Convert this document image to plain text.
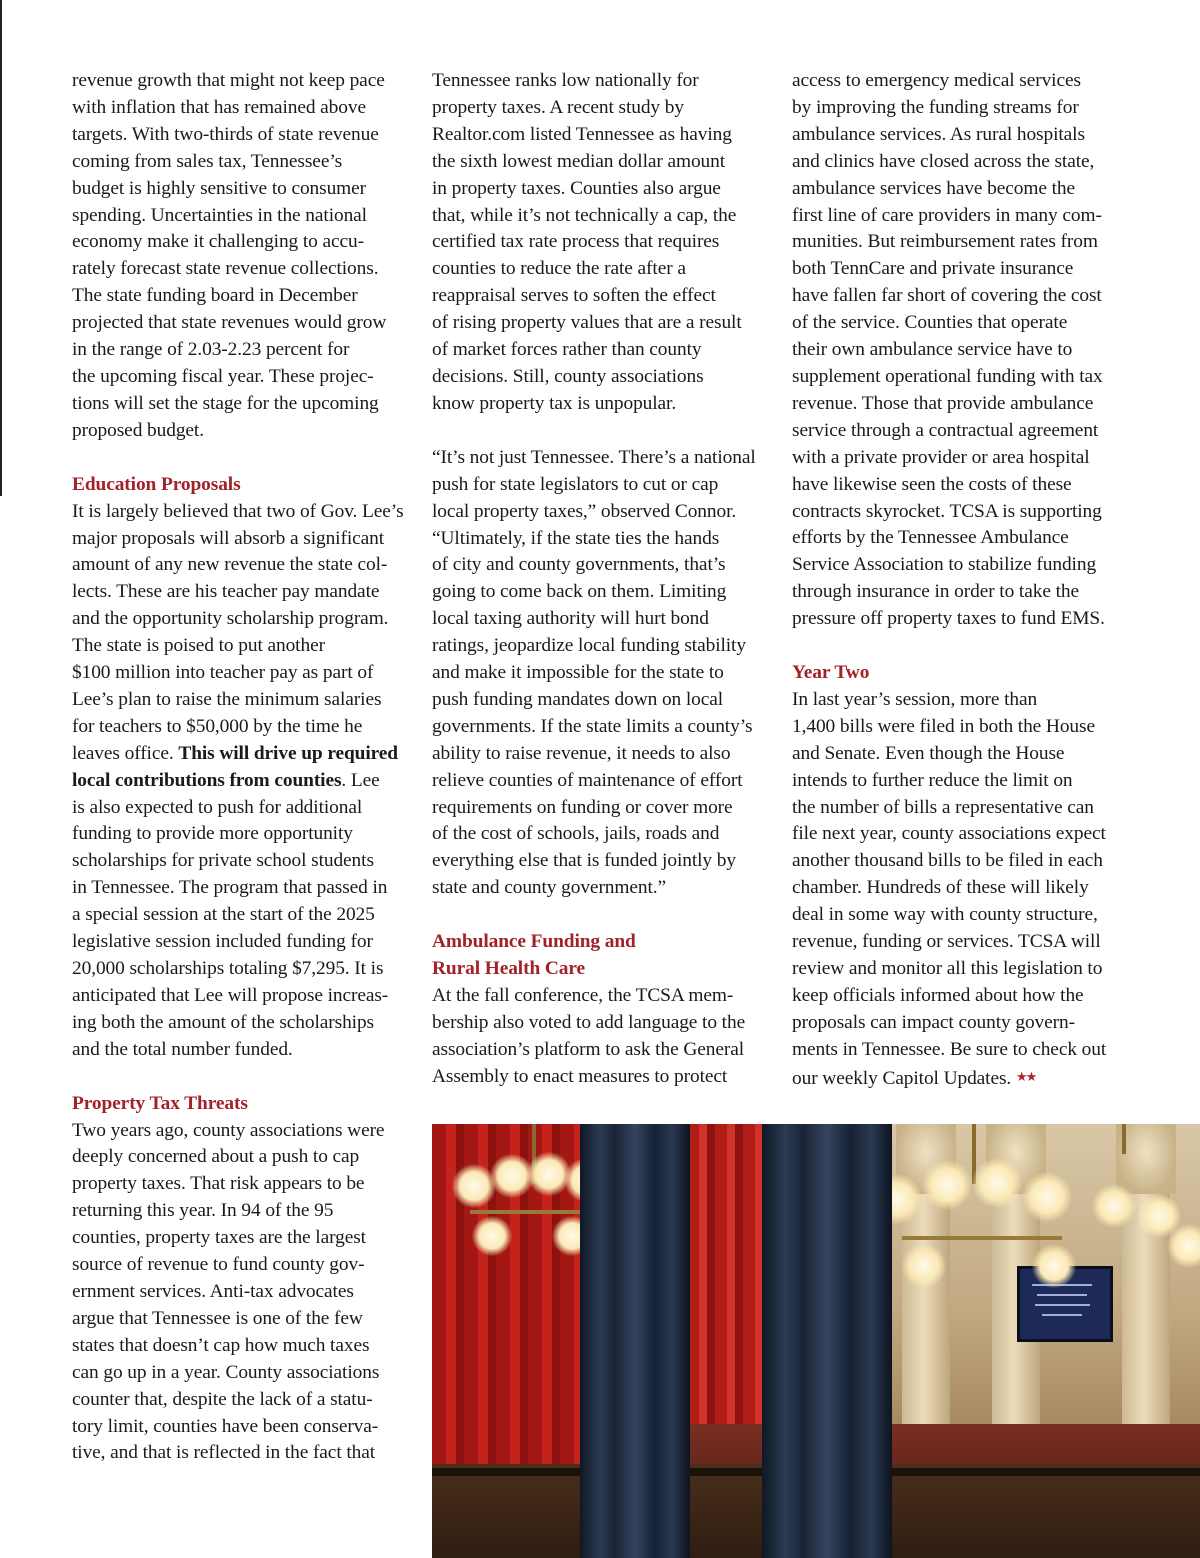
revenue growth that might not keep pace
with inflation that has remained above
targets. With two-thirds of state revenue
coming from sales tax, Tennessee’s
budget is highly sensitive to consumer
spending. Uncertainties in the national
economy make it challenging to accu-
rately forecast state revenue collections.
The state funding board in December
projected that state revenues would grow
in the range of 2.03-2.23 percent for
the upcoming fiscal year. These projec-
tions will set the stage for the upcoming
proposed budget.

Education Proposals

It is largely believed that two of Gov. Lee’s
major proposals will absorb a significant
amount of any new revenue the state col-
lects. These are his teacher pay mandate
and the opportunity scholarship program.
The state is poised to put another
$100 million into teacher pay as part of
Lee’s plan to raise the minimum salaries
for teachers to $50,000 by the time he
leaves office. This will drive up required
local contributions from counties. Lee
is also expected to push for additional
funding to provide more opportunity
scholarships for private school students
in Tennessee. The program that passed in
a special session at the start of the 2025
legislative session included funding for
20,000 scholarships totaling $7,295. It is
anticipated that Lee will propose increas-
ing both the amount of the scholarships
and the total number funded.

Property Tax Threats

Two years ago, county associations were
deeply concerned about a push to cap
property taxes. That risk appears to be
returning this year. In 94 of the 95
counties, property taxes are the largest
source of revenue to fund county gov-
ernment services. Anti-tax advocates
argue that Tennessee is one of the few
states that doesn’t cap how much taxes
can go up in a year. County associations
counter that, despite the lack of a statu-
tory limit, counties have been conserva-
tive, and that is reflected in the fact that

Tennessee ranks low nationally for
property taxes. A recent study by
Realtor.com listed Tennessee as having
the sixth lowest median dollar amount
in property taxes. Counties also argue
that, while it’s not technically a cap, the
certified tax rate process that requires
counties to reduce the rate after a
reappraisal serves to soften the effect
of rising property values that are a result
of market forces rather than county
decisions. Still, county associations
know property tax is unpopular.

“It’s not just Tennessee. There’s a national
push for state legislators to cut or cap
local property taxes,” observed Connor.
“Ultimately, if the state ties the hands
of city and county governments, that’s
going to come back on them. Limiting
local taxing authority will hurt bond
ratings, jeopardize local funding stability
and make it impossible for the state to
push funding mandates down on local
governments. If the state limits a county’s
ability to raise revenue, it needs to also
relieve counties of maintenance of effort
requirements on funding or cover more
of the cost of schools, jails, roads and
everything else that is funded jointly by
state and county government.”

Ambulance Funding and
Rural Health Care

At the fall conference, the TCSA mem-
bership also voted to add language to the
association’s platform to ask the General
Assembly to enact measures to protect

access to emergency medical services
by improving the funding streams for
ambulance services. As rural hospitals
and clinics have closed across the state,
ambulance services have become the
first line of care providers in many com-
munities. But reimbursement rates from
both TennCare and private insurance
have fallen far short of covering the cost
of the service. Counties that operate
their own ambulance service have to
supplement operational funding with tax
revenue. Those that provide ambulance
service through a contractual agreement
with a private provider or area hospital
have likewise seen the costs of these
contracts skyrocket. TCSA is supporting
efforts by the Tennessee Ambulance
Service Association to stabilize funding
through insurance in order to take the
pressure off property taxes to fund EMS.

Year Two

In last year’s session, more than
1,400 bills were filed in both the House
and Senate. Even though the House
intends to further reduce the limit on
the number of bills a representative can
file next year, county associations expect
another thousand bills to be filed in each
chamber. Hundreds of these will likely
deal in some way with county structure,
revenue, funding or services. TCSA will
review and monitor all this legislation to
keep officials informed about how the
proposals can impact county govern-
ments in Tennessee. Be sure to check out
our weekly Capitol Updates. ★★
